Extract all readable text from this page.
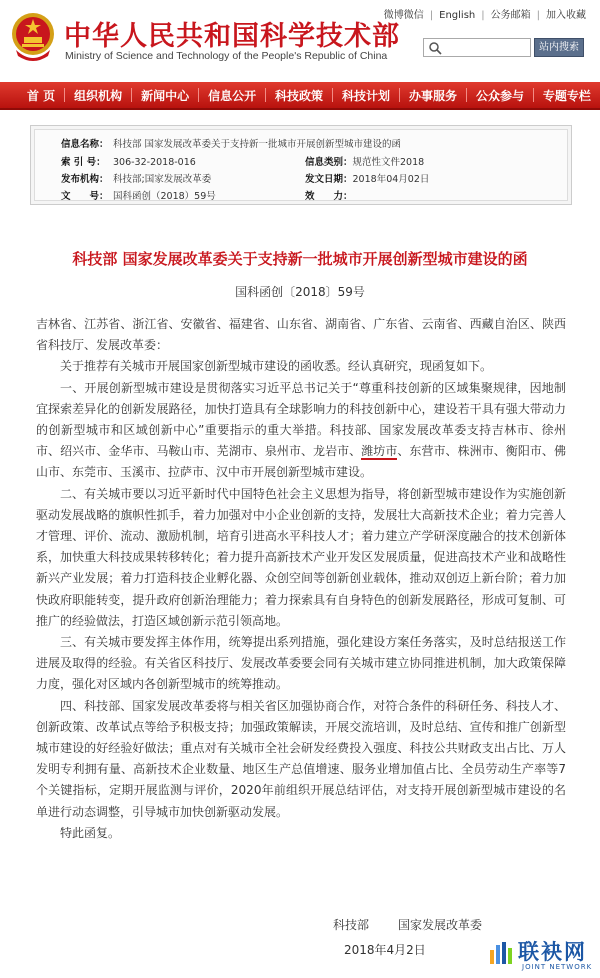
中华人民共和国科学技术部
Ministry of Science and Technology of the People's Republic of China
微博微信 | English | 公务邮箱 | 加入收藏
站内搜索
首 页	组织机构	新闻中心	信息公开	科技政策	科技计划	办事服务	公众参与	专题专栏
信息名称： 科技部 国家发展改革委关于支持新一批城市开展创新型城市建设的函
索 引 号： 306-32-2018-016	信息类别：规范性文件2018
发布机构： 科技部;国家发展改革委	发文日期：2018年04月02日
文　　号： 国科函创（2018）59号	效　　力：
科技部 国家发展改革委关于支持新一批城市开展创新型城市建设的函
国科函创〔2018〕59号

吉林省、江苏省、浙江省、安徽省、福建省、山东省、湖南省、广东省、云南省、西藏自治区、陕西省科技厅、发展改革委：

关于推荐有关城市开展国家创新型城市建设的函收悉。经认真研究，现函复如下。

一、开展创新型城市建设是贯彻落实习近平总书记关于“尊重科技创新的区域集聚规律，因地制宜探索差异化的创新发展路径，加快打造具有全球影响力的科技创新中心，建设若干具有强大带动力的创新型城市和区域创新中心”重要指示的重大举措。科技部、国家发展改革委支持吉林市、徐州市、绍兴市、金华市、马鞍山市、芜湖市、泉州市、龙岩市、潍坊市、东营市、株洲市、衡阳市、佛山市、东莞市、玉溪市、拉萨市、汉中市开展创新型城市建设。

二、有关城市要以习近平新时代中国特色社会主义思想为指导，将创新型城市建设作为实施创新驱动发展战略的旗帜性抓手，着力加强对中小企业创新的支持，发展壮大高新技术企业；着力完善人才管理、评价、流动、激励机制，培育引进高水平科技人才；着力建立产学研深度融合的技术创新体系，加快重大科技成果转移转化；着力提升高新技术产业开发区发展质量，促进高技术产业和战略性新兴产业发展；着力打造科技企业孵化器、众创空间等创新创业载体，推动双创迈上新台阶；着力加快政府职能转变，提升政府创新治理能力；着力探索具有自身特色的创新发展路径，形成可复制、可推广的经验做法，打造区域创新示范引领高地。

三、有关城市要发挥主体作用，统筹提出系列措施，强化建设方案任务落实，及时总结报送工作进展及取得的经验。有关省区科技厅、发展改革委要会同有关城市建立协同推进机制，加大政策保障力度，强化对区域内各创新型城市的统筹推动。

四、科技部、国家发展改革委将与相关省区加强协商合作，对符合条件的科研任务、科技人才、创新政策、改革试点等给予积极支持；加强政策解读，开展交流培训，及时总结、宣传和推广创新型城市建设的好经验好做法；重点对有关城市全社会研发经费投入强度、科技公共财政支出占比、万人发明专利拥有量、高新技术企业数量、地区生产总值增速、服务业增加值占比、全员劳动生产率等7个关键指标，定期开展监测与评价，2020年前组织开展总结评估，对支持开展创新型城市建设的名单进行动态调整，引导城市加快创新驱动发展。

特此函复。

科技部 国家发展改革委
2018年4月2日	联袂网
JOINT NETWORK
